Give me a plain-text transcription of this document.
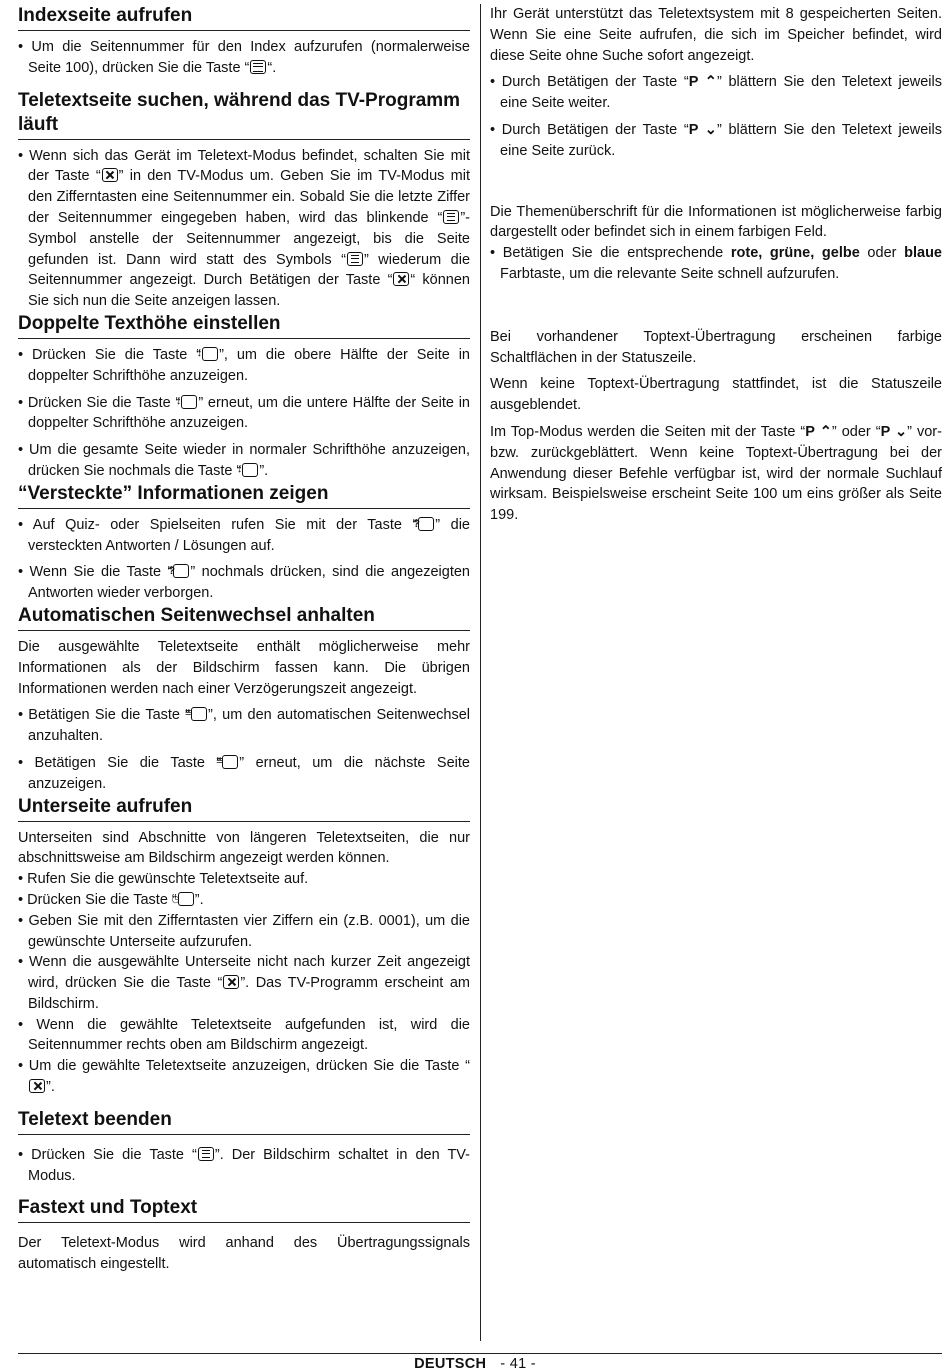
Indexseite aufrufen

• Um die Seitennummer für den Index aufzurufen (normalerweise Seite 100), drücken Sie die Taste “ “.

Teletextseite suchen, während das TV-Programm läuft

• Wenn sich das Gerät im Teletext-Modus befindet, schalten Sie mit der Taste “ ” in den TV-Modus um. Geben Sie im TV-Modus mit den Zifferntasten eine Seitennummer ein. Sobald Sie die letzte Ziffer der Seitennummer eingegeben haben, wird das blinkende “ ”-Symbol anstelle der Seitennummer angezeigt, bis die Seite gefunden ist. Dann wird statt des Symbols “ ” wiederum die Seitennummer angezeigt. Durch Betätigen der Taste “ “ können Sie sich nun die Seite anzeigen lassen.

Doppelte Texthöhe einstellen

• Drücken Sie die Taste “ ”, um die obere Hälfte der Seite in doppelter Schrifthöhe anzuzeigen.

• Drücken Sie die Taste “ ” erneut, um die untere Hälfte der Seite in doppelter Schrifthöhe anzuzeigen.

• Um die gesamte Seite wieder in normaler Schrifthöhe anzuzeigen, drücken Sie nochmals die Taste “ ”.

“Versteckte” Informationen zeigen

• Auf Quiz- oder Spielseiten rufen Sie mit der Taste “ ” die versteckten Antworten / Lösungen auf.

• Wenn Sie die Taste “ ” nochmals drücken, sind die angezeigten Antworten wieder verborgen.

Automatischen Seitenwechsel anhalten

Die ausgewählte Teletextseite enthält möglicherweise mehr Informationen als der Bildschirm fassen kann. Die übrigen Informationen werden nach einer Verzögerungszeit angezeigt.

• Betätigen Sie die Taste “ ”, um den automatischen Seitenwechsel anzuhalten.

• Betätigen Sie die Taste “ ” erneut, um die nächste Seite anzuzeigen.

Unterseite aufrufen

Unterseiten sind Abschnitte von längeren Teletextseiten, die nur abschnittsweise am Bildschirm angezeigt werden können.

• Rufen Sie die gewünschte Teletextseite auf.

• Drücken Sie die Taste “ ”.

• Geben Sie mit den Zifferntasten vier Ziffern ein (z.B. 0001), um die gewünschte Unterseite aufzurufen.

• Wenn die ausgewählte Unterseite nicht nach kurzer Zeit angezeigt wird, drücken Sie die Taste “ ”. Das TV-Programm erscheint am Bildschirm.

• Wenn die gewählte Teletextseite aufgefunden ist, wird die Seitennummer rechts oben am Bildschirm angezeigt.

• Um die gewählte Teletextseite anzuzeigen, drücken Sie die Taste “”.

Teletext beenden

• Drücken Sie die Taste “ ”. Der Bildschirm schaltet in den TV-Modus.

Fastext und Toptext

Der Teletext-Modus wird anhand des Übertragungssignals automatisch eingestellt.

Ihr Gerät unterstützt das Teletextsystem mit 8 gespeicherten Seiten. Wenn Sie eine Seite aufrufen, die sich im Speicher befindet, wird diese Seite ohne Suche sofort angezeigt.

• Durch Betätigen der Taste “P ⌃” blättern Sie den Teletext jeweils eine Seite weiter.

• Durch Betätigen der Taste “P ⌄” blättern Sie den Teletext jeweils eine Seite zurück.

Die Themenüberschrift für die Informationen ist möglicherweise farbig dargestellt oder befindet sich in einem farbigen Feld.

• Betätigen Sie die entsprechende rote, grüne, gelbe oder blaue Farbtaste, um die relevante Seite schnell aufzurufen.

Bei vorhandener Toptext-Übertragung erscheinen farbige Schaltflächen in der Statuszeile.

Wenn keine Toptext-Übertragung stattfindet, ist die Statuszeile ausgeblendet.

Im Top-Modus werden die Seiten mit der Taste “P ⌃” oder “P ⌄” vor- bzw. zurückgeblättert. Wenn keine Toptext-Übertragung bei der Anwendung dieser Befehle verfügbar ist, wird der normale Suchlauf wirksam. Beispielsweise erscheint Seite 100 um eins größer als Seite 199.

DEUTSCH - 41 -
